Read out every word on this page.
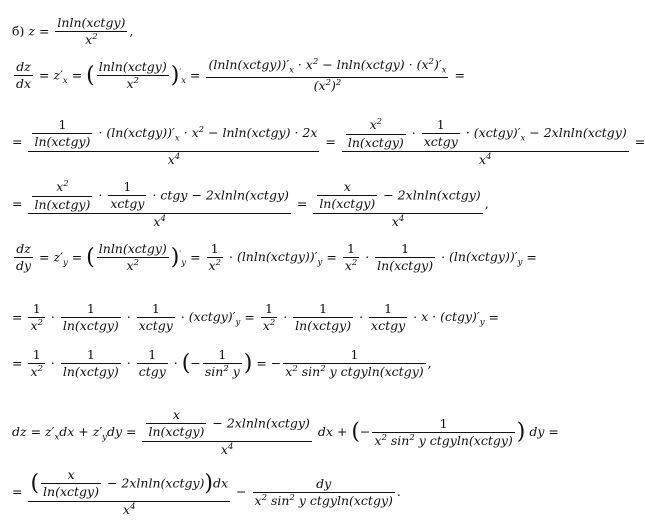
б) $z = \frac{\text{lnln(xctgy)}}{x^2}$ ,
$\frac{dz}{dx} = z'_x$ = ( $\frac{\text{lnln(xctgy)}}{x^2} )'_x = \frac{(lnln(xctgy))'_x \cdot x^2 - lnln(xctgy) \cdot (x^2)'_x}{(x^2)^2}$ =
= $\frac{\frac{1}{\text{ln(xctgy)}} \cdot (\ln(xctgy))'_x \cdot x^2 - lnln(xctgy) \cdot 2x}{x^4} = \frac{\frac{x^2}{\text{ln(xctgy)}} \cdot \frac{1}{\text{xctgy}} \cdot (xctgy)'_x - 2xlnln(xctgy)}{x^4}$ =
= $\frac{\frac{x^2}{\text{ln(xctgy)}} \cdot \frac{1}{\text{xctgy}} \cdot ctgy - 2xlnln(xctgy)}{x^4} = \frac{\frac{x}{\text{ln(xctgy)}} - 2xlnln(xctgy)}{x^4}$ ,
$\frac{dz}{dy} = z'_y$ = ( $\frac{\text{lnln(xctgy)}}{x^2} )'_y = \frac{1}{x^2}$ · $(lnln(xctgy))'_y = \frac{1}{x^2} \cdot \frac{1}{\text{ln(xctgy)}}$ · $(\ln(xctgy))'_y$ =
= $\frac{1}{x^2} \cdot \frac{1}{\text{ln(xctgy)}} \cdot \frac{1}{\text{xctgy}}$ · $(xctgy)'_y = \frac{1}{x^2} \cdot \frac{1}{\text{ln(xctgy)}} \cdot \frac{1}{\text{xctgy}} \cdot x$ · $(ctgy)'_y$ =
= $\frac{1}{x^2} \cdot \frac{1}{\text{ln(xctgy)}} \cdot \frac{1}{\text{ctgy}}$ · (− $\frac{1}{\sin^2 y}$ ) = − $\frac{1}{x^2 \sin^2 y ctgyln(xctgy)}$ ,
dz = $z'_xdx + z'_ydy = \frac{\frac{x}{\text{ln(xctgy)}} - 2xlnln(xctgy)}{x^4}$ dx + (− $\frac{1}{x^2 \sin^2 y ctgyln(xctgy)}$ ) dy =
= $\frac{( \frac{x}{\text{ln(xctgy)}} - 2xlnln(xctgy))dx}{x^4} - \frac{dy}{x^2 \sin^2 y ctgyln(xctgy)}$ .
